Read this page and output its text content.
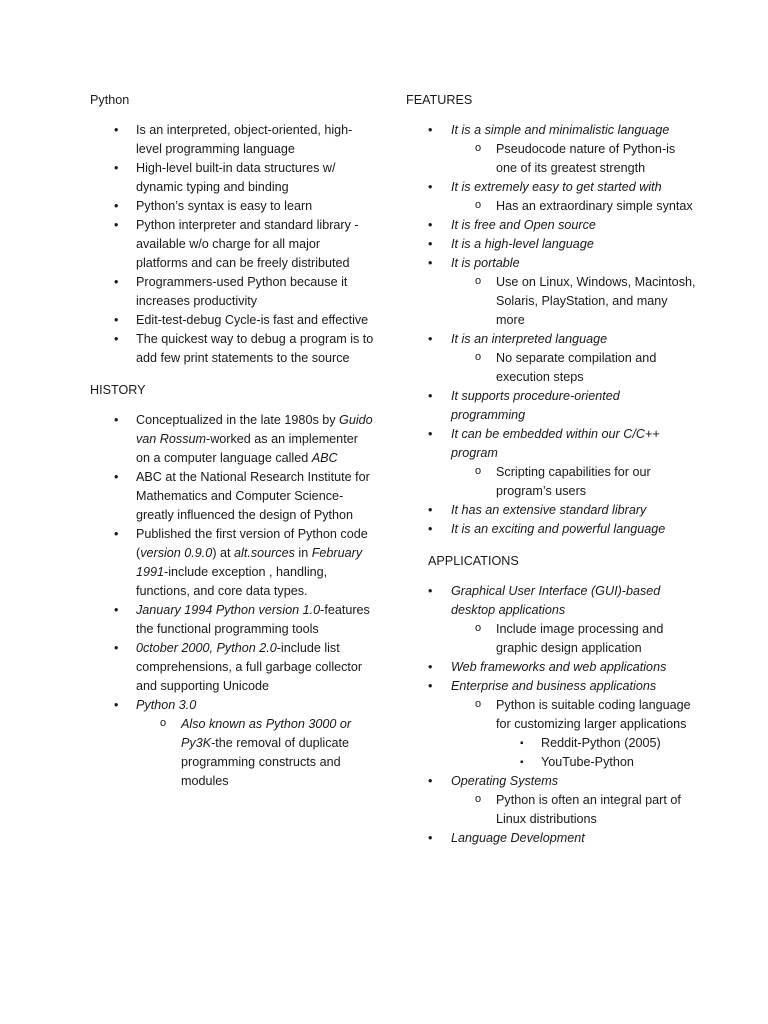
Python
• Is an interpreted, object-oriented, high-level programming language
• High-level built-in data structures w/ dynamic typing and binding
• Python’s syntax is easy to learn
• Python interpreter and standard library -available w/o charge for all major platforms and can be freely distributed
• Programmers-used Python because it increases productivity
• Edit-test-debug Cycle-is fast and effective
• The quickest way to debug a program is to add few print statements to the source
HISTORY
• Conceptualized in the late 1980s by Guido van Rossum-worked as an implementer on a computer language called ABC
• ABC at the National Research Institute for Mathematics and Computer Science-greatly influenced the design of Python
• Published the first version of Python code (version 0.9.0) at alt.sources in February 1991-include exception , handling, functions, and core data types.
• January 1994 Python version 1.0-features the functional programming tools
• 0ctober 2000, Python 2.0-include list comprehensions, a full garbage collector and supporting Unicode
• Python 3.0
o Also known as Python 3000 or Py3K-the removal of duplicate programming constructs and modules
FEATURES
• It is a simple and minimalistic language
o Pseudocode nature of Python-is one of its greatest strength
• It is extremely easy to get started with
o Has an extraordinary simple syntax
• It is free and Open source
• It is a high-level language
• It is portable
o Use on Linux, Windows, Macintosh, Solaris, PlayStation, and many more
• It is an interpreted language
o No separate compilation and execution steps
• It supports procedure-oriented programming
• It can be embedded within our C/C++ program
o Scripting capabilities for our program’s users
• It has an extensive standard library
• It is an exciting and powerful language
APPLICATIONS
• Graphical User Interface (GUI)-based desktop applications
o Include image processing and graphic design application
• Web frameworks and web applications
• Enterprise and business applications
o Python is suitable coding language for customizing larger applications
▪ Reddit-Python (2005)
▪ YouTube-Python
• Operating Systems
o Python is often an integral part of Linux distributions
• Language Development
